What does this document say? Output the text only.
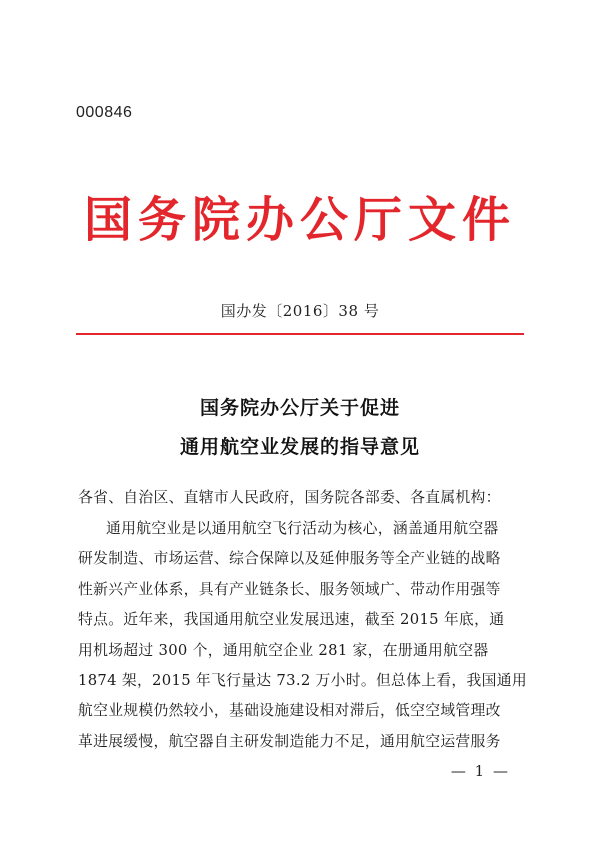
000846
国务院办公厅文件
国办发〔2016〕38 号
国务院办公厅关于促进
通用航空业发展的指导意见
各省、自治区、直辖市人民政府，国务院各部委、各直属机构：
通用航空业是以通用航空飞行活动为核心，涵盖通用航空器
研发制造、市场运营、综合保障以及延伸服务等全产业链的战略
性新兴产业体系，具有产业链条长、服务领域广、带动作用强等
特点。近年来，我国通用航空业发展迅速，截至 2015 年底，通
用机场超过 300 个，通用航空企业 281 家，在册通用航空器
1874 架，2015 年飞行量达 73.2 万小时。但总体上看，我国通用
航空业规模仍然较小，基础设施建设相对滞后，低空空域管理改
革进展缓慢，航空器自主研发制造能力不足，通用航空运营服务
— 1 —
